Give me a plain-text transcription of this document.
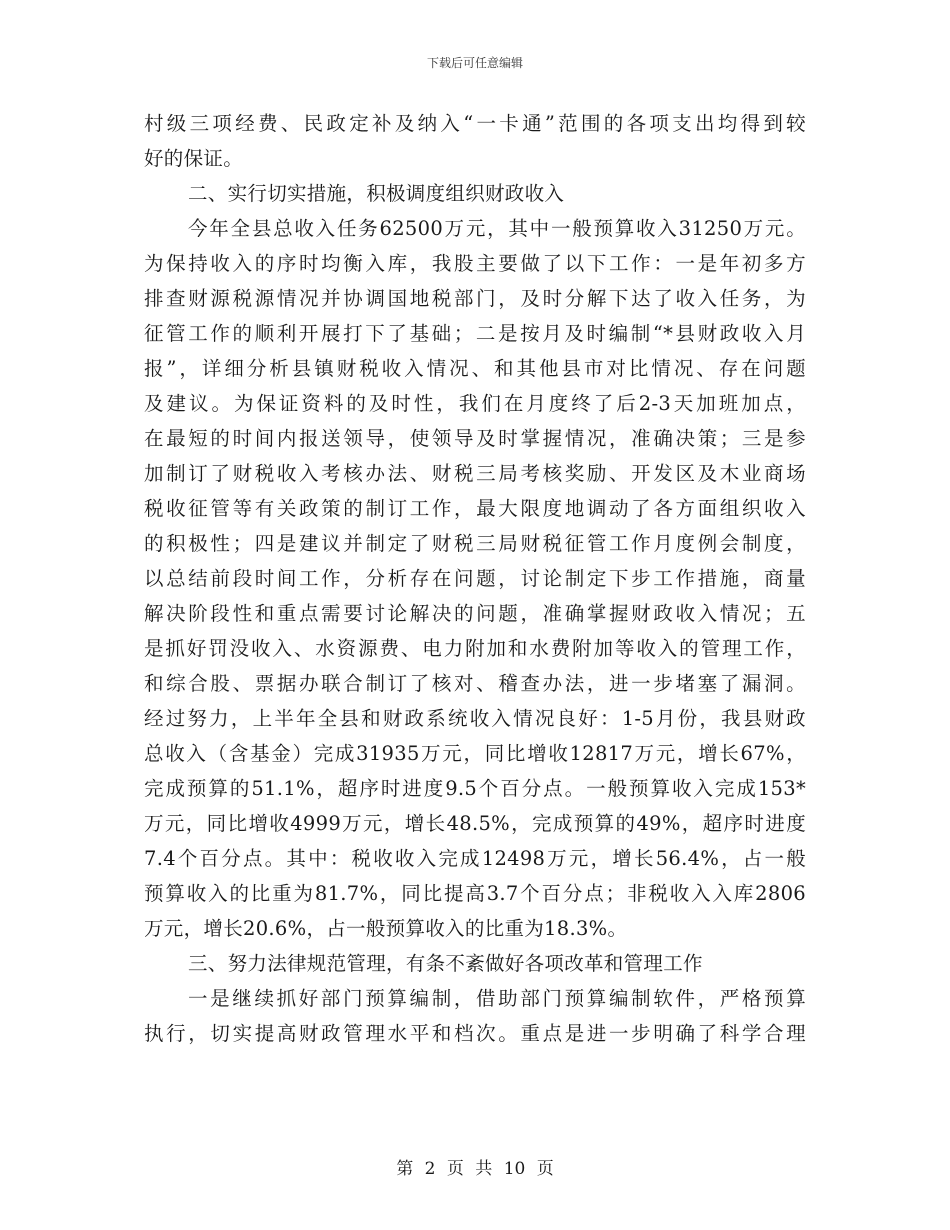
下载后可任意编辑
村级三项经费、民政定补及纳入“一卡通”范围的各项支出均得到较
好的保证。
二、实行切实措施，积极调度组织财政收入
今年全县总收入任务62500万元，其中一般预算收入31250万元。
为保持收入的序时均衡入库，我股主要做了以下工作：一是年初多方
排查财源税源情况并协调国地税部门，及时分解下达了收入任务，为
征管工作的顺利开展打下了基础；二是按月及时编制“*县财政收入月
报”，详细分析县镇财税收入情况、和其他县市对比情况、存在问题
及建议。为保证资料的及时性，我们在月度终了后2-3天加班加点，
在最短的时间内报送领导，使领导及时掌握情况，准确决策；三是参
加制订了财税收入考核办法、财税三局考核奖励、开发区及木业商场
税收征管等有关政策的制订工作，最大限度地调动了各方面组织收入
的积极性；四是建议并制定了财税三局财税征管工作月度例会制度，
以总结前段时间工作，分析存在问题，讨论制定下步工作措施，商量
解决阶段性和重点需要讨论解决的问题，准确掌握财政收入情况；五
是抓好罚没收入、水资源费、电力附加和水费附加等收入的管理工作，
和综合股、票据办联合制订了核对、稽查办法，进一步堵塞了漏洞。
经过努力，上半年全县和财政系统收入情况良好：1-5月份，我县财政
总收入（含基金）完成31935万元，同比增收12817万元，增长67%，
完成预算的51.1%，超序时进度9.5个百分点。一般预算收入完成153*
万元，同比增收4999万元，增长48.5%，完成预算的49%，超序时进度
7.4个百分点。其中：税收收入完成12498万元，增长56.4%，占一般
预算收入的比重为81.7%，同比提高3.7个百分点；非税收入入库2806
万元，增长20.6%，占一般预算收入的比重为18.3%。
三、努力法律规范管理，有条不紊做好各项改革和管理工作
一是继续抓好部门预算编制，借助部门预算编制软件，严格预算
执行，切实提高财政管理水平和档次。重点是进一步明确了科学合理
第 2 页 共 10 页
